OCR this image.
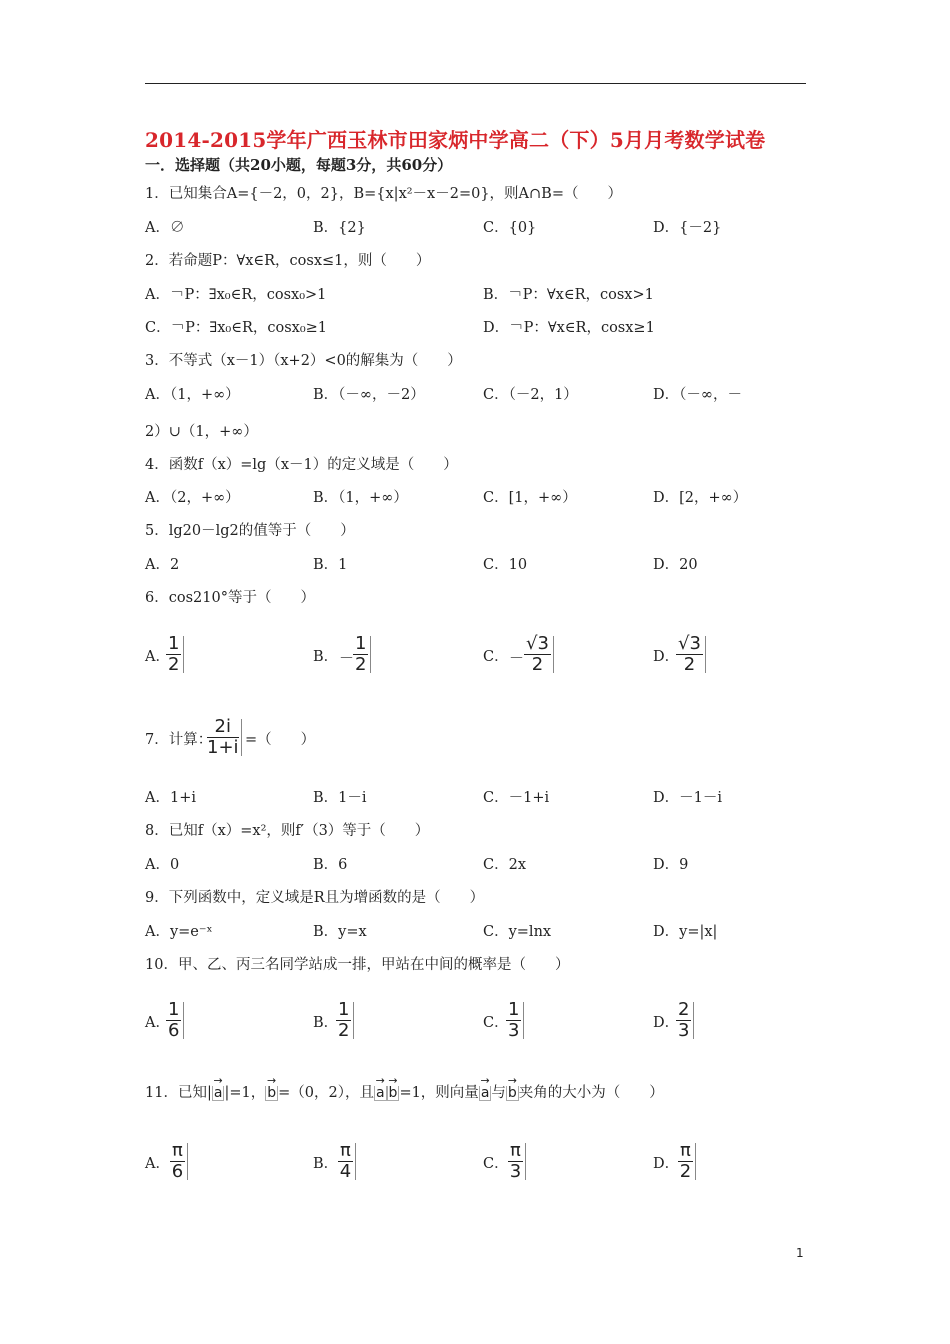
2014-2015学年广西玉林市田家炳中学高二（下）5月月考数学试卷
一．选择题（共20小题，每题3分，共60分）
1．已知集合A={－2，0，2}，B={x|x²－x－2=0}，则A∩B=（　　）
A．∅	B．{2}	C．{0}	D．{－2}
2．若命题P：∀x∈R，cosx≤1，则（　　）
A．￢P：∃x₀∈R，cosx₀>1	B．￢P：∀x∈R，cosx>1
C．￢P：∃x₀∈R，cosx₀≥1	D．￢P：∀x∈R，cosx≥1
3．不等式（x－1）（x+2）<0的解集为（　　）
A．（1，+∞）	B．（－∞，－2）	C．（－2，1）	D．（－∞，－
2）∪（1，+∞）
4．函数f（x）=lg（x－1）的定义域是（　　）
A．（2，+∞）	B．（1，+∞）	C．[1，+∞）	D．[2，+∞）
5．lg20－lg2的值等于（　　）
A．2	B．1	C．10	D．20
6．cos210°等于（　　）
A．
$\frac{1}{2}$	B． －
$\frac{1}{2}$	C． － $\frac{√3}{2}$	D．
$\frac{√3}{2}$
7．计算：
$\frac{2i}{1+i}$ =（　　）
A．1+i	B．1－i	C．－1+i	D．－1－i
8．已知f（x）=x²，则f′（3）等于（　　）
A．0	B．6	C．2x	D．9
9．下列函数中，定义域是R且为增函数的是（　　）
A．y=e⁻ˣ	B．y=x	C．y=lnx	D．y=|x|
10．甲、乙、丙三名同学站成一排，甲站在中间的概率是（　　）
A．
$\frac{1}{6}$	B．
$\frac{1}{2}$	C．
$\frac{1}{3}$	D．
$\frac{2}{3}$
11．已知| → a |=1， → b =（0，2），且 → a → b =1，则向量 → a 与 → b 夹角的大小为（　　）
A． $\frac{\pi}{6}$	B． $\frac{\pi}{4}$	C． $\frac{\pi}{3}$	D．
$\frac{\pi}{2}$
1
